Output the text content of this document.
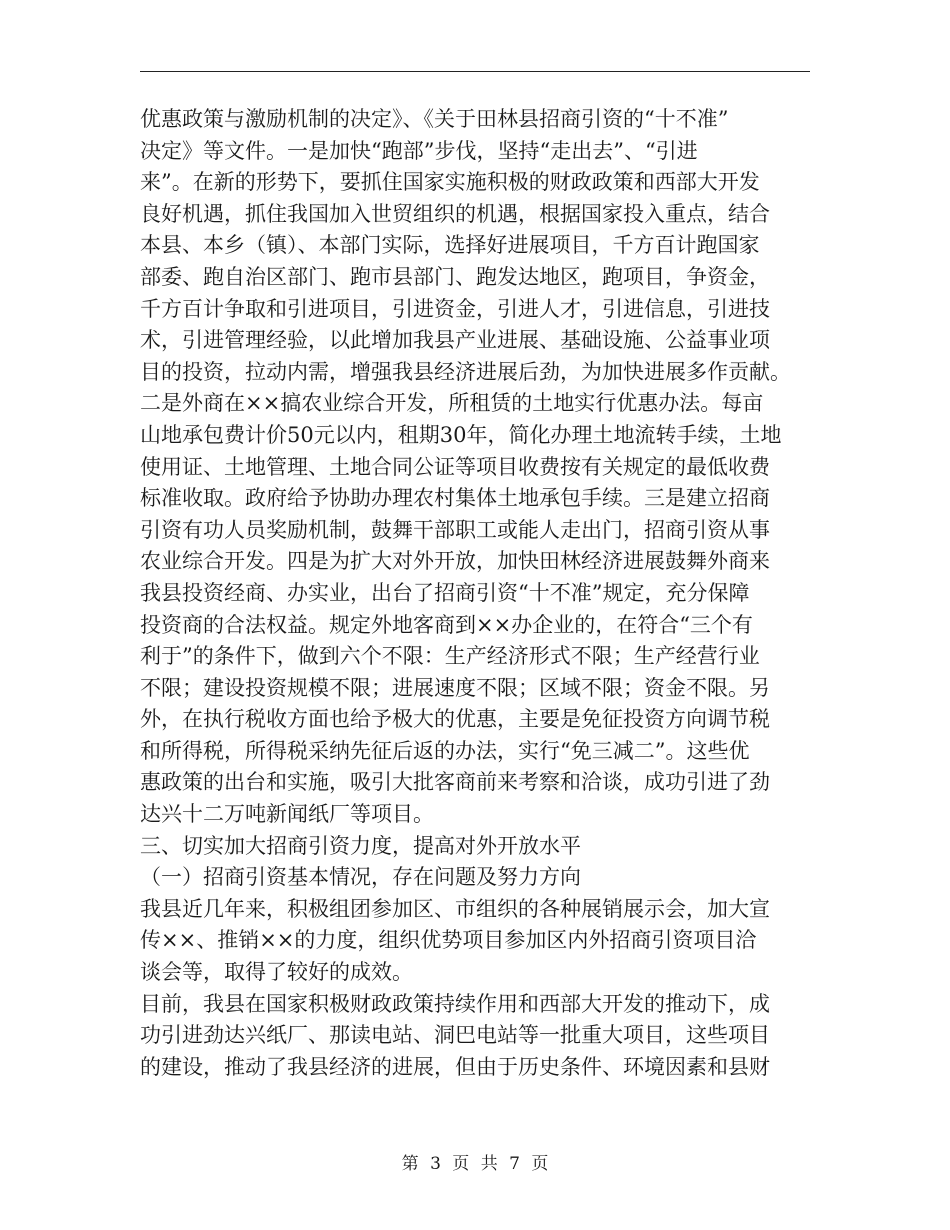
优惠政策与激励机制的决定》、《关于田林县招商引资的“十不准”
决定》等文件。一是加快“跑部”步伐，坚持“走出去”、“引进
来”。在新的形势下，要抓住国家实施积极的财政政策和西部大开发
良好机遇，抓住我国加入世贸组织的机遇，根据国家投入重点，结合
本县、本乡（镇）、本部门实际，选择好进展项目，千方百计跑国家
部委、跑自治区部门、跑市县部门、跑发达地区，跑项目，争资金，
千方百计争取和引进项目，引进资金，引进人才，引进信息，引进技
术，引进管理经验，以此增加我县产业进展、基础设施、公益事业项
目的投资，拉动内需，增强我县经济进展后劲，为加快进展多作贡献。
二是外商在××搞农业综合开发，所租赁的土地实行优惠办法。每亩
山地承包费计价50元以内，租期30年，简化办理土地流转手续，土地
使用证、土地管理、土地合同公证等项目收费按有关规定的最低收费
标准收取。政府给予协助办理农村集体土地承包手续。三是建立招商
引资有功人员奖励机制，鼓舞干部职工或能人走出门，招商引资从事
农业综合开发。四是为扩大对外开放，加快田林经济进展鼓舞外商来
我县投资经商、办实业，出台了招商引资“十不准”规定，充分保障
投资商的合法权益。规定外地客商到××办企业的，在符合“三个有
利于”的条件下，做到六个不限：生产经济形式不限；生产经营行业
不限；建设投资规模不限；进展速度不限；区域不限；资金不限。另
外，在执行税收方面也给予极大的优惠，主要是免征投资方向调节税
和所得税，所得税采纳先征后返的办法，实行“免三减二”。这些优
惠政策的出台和实施，吸引大批客商前来考察和洽谈，成功引进了劲
达兴十二万吨新闻纸厂等项目。
三、切实加大招商引资力度，提高对外开放水平
（一）招商引资基本情况，存在问题及努力方向
我县近几年来，积极组团参加区、市组织的各种展销展示会，加大宣
传××、推销××的力度，组织优势项目参加区内外招商引资项目洽
谈会等，取得了较好的成效。
目前，我县在国家积极财政政策持续作用和西部大开发的推动下，成
功引进劲达兴纸厂、那读电站、洞巴电站等一批重大项目，这些项目
的建设，推动了我县经济的进展，但由于历史条件、环境因素和县财
第 3 页 共 7 页
